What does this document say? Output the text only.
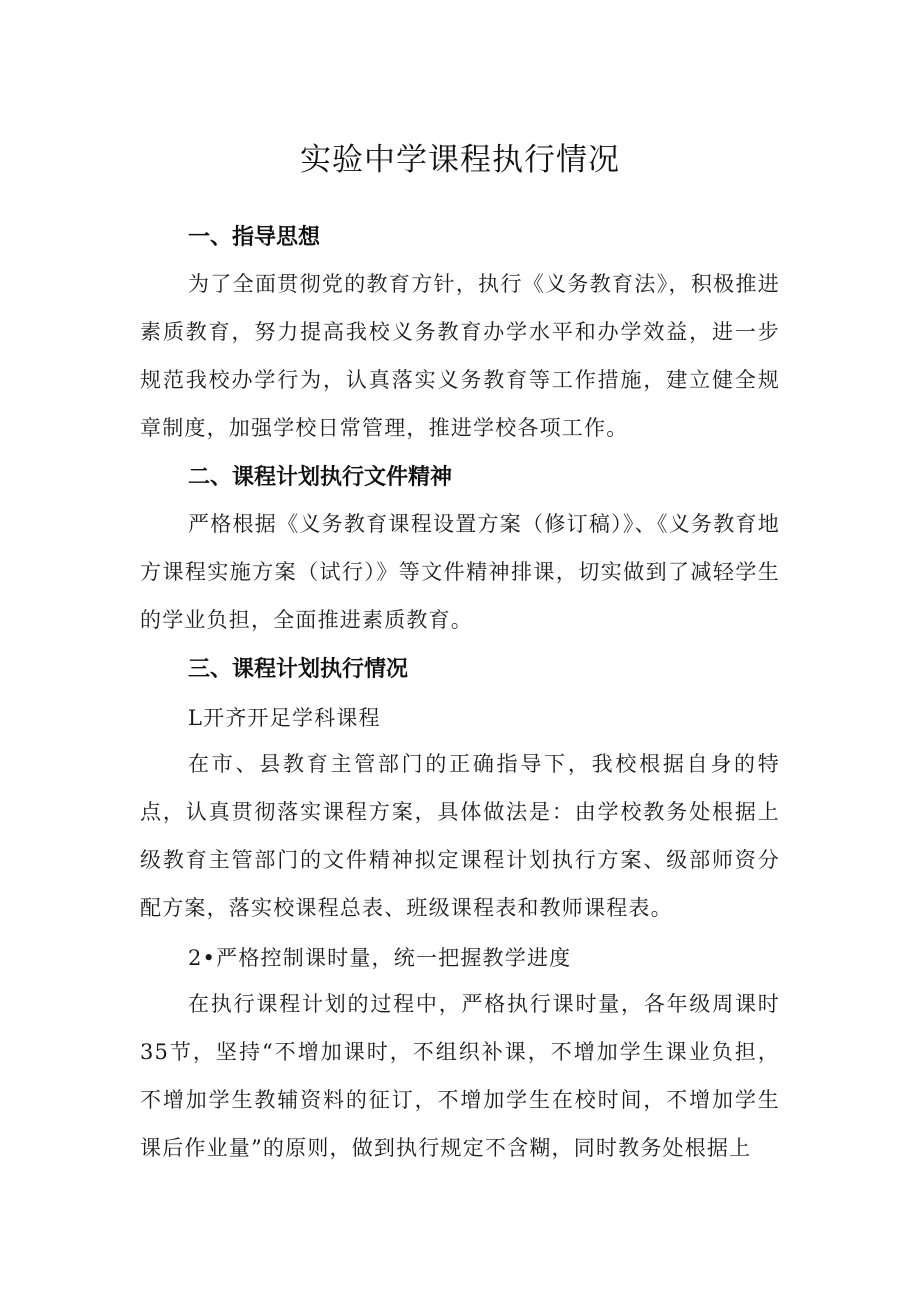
实验中学课程执行情况
一、指导思想
为了全面贯彻党的教育方针，执行《义务教育法》，积极推进素质教育，努力提高我校义务教育办学水平和办学效益，进一步规范我校办学行为，认真落实义务教育等工作措施，建立健全规章制度，加强学校日常管理，推进学校各项工作。
二、课程计划执行文件精神
严格根据《义务教育课程设置方案（修订稿）》、《义务教育地方课程实施方案（试行）》等文件精神排课，切实做到了减轻学生的学业负担，全面推进素质教育。
三、课程计划执行情况
L开齐开足学科课程
在市、县教育主管部门的正确指导下，我校根据自身的特点，认真贯彻落实课程方案，具体做法是：由学校教务处根据上级教育主管部门的文件精神拟定课程计划执行方案、级部师资分配方案，落实校课程总表、班级课程表和教师课程表。
2•严格控制课时量，统一把握教学进度
在执行课程计划的过程中，严格执行课时量，各年级周课时35节，坚持“不增加课时，不组织补课，不增加学生课业负担，不增加学生教辅资料的征订，不增加学生在校时间，不增加学生课后作业量”的原则，做到执行规定不含糊，同时教务处根据上
